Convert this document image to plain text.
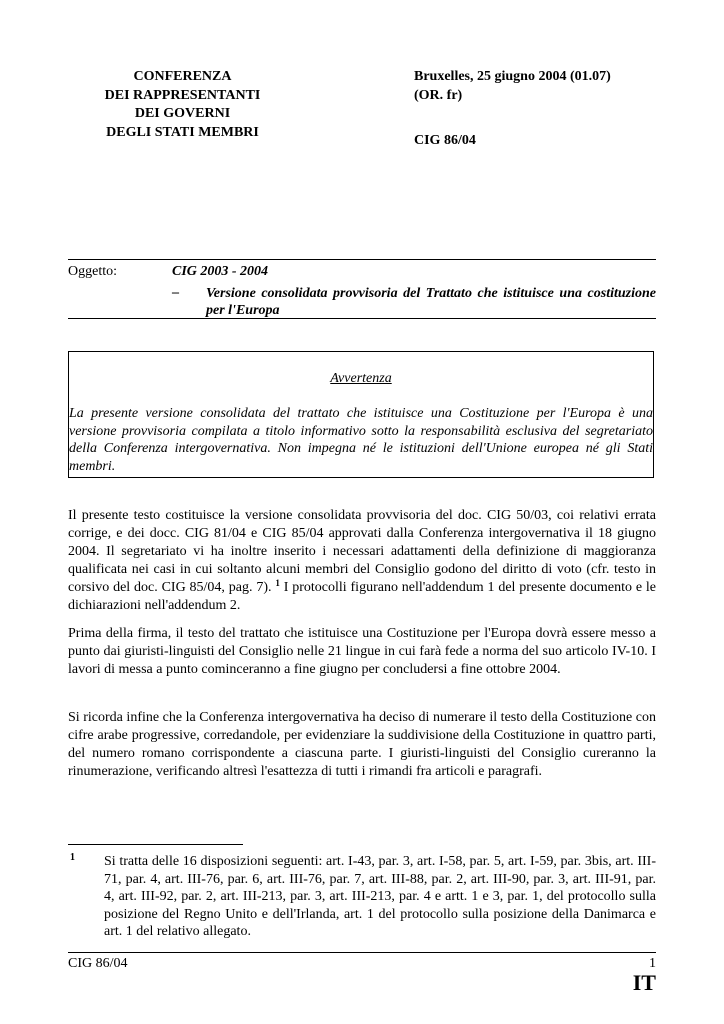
CONFERENZA
DEI RAPPRESENTANTI
DEI GOVERNI
DEGLI STATI MEMBRI
Bruxelles, 25 giugno 2004 (01.07)
(OR. fr)
CIG 86/04
Oggetto:	CIG 2003 - 2004
– Versione consolidata provvisoria del Trattato che istituisce una costituzione per l'Europa
Avvertenza
La presente versione consolidata del trattato che istituisce una Costituzione per l'Europa è una versione provvisoria compilata a titolo informativo sotto la responsabilità esclusiva del segretariato della Conferenza intergovernativa. Non impegna né le istituzioni dell'Unione europea né gli Stati membri.

Il presente testo costituisce la versione consolidata provvisoria del doc. CIG 50/03, coi relativi errata corrige, e dei docc. CIG 81/04 e CIG 85/04 approvati dalla Conferenza intergovernativa il 18 giugno 2004. Il segretariato vi ha inoltre inserito i necessari adattamenti della definizione di maggioranza qualificata nei casi in cui soltanto alcuni membri del Consiglio godono del diritto di voto (cfr. testo in corsivo del doc. CIG 85/04, pag. 7). $^1$ I protocolli figurano nell'addendum 1 del presente documento e le dichiarazioni nell'addendum 2.

Prima della firma, il testo del trattato che istituisce una Costituzione per l'Europa dovrà essere messo a punto dai giuristi-linguisti del Consiglio nelle 21 lingue in cui farà fede a norma del suo articolo IV-10. I lavori di messa a punto cominceranno a fine giugno per concludersi a fine ottobre 2004.

Si ricorda infine che la Conferenza intergovernativa ha deciso di numerare il testo della Costituzione con cifre arabe progressive, corredandole, per evidenziare la suddivisione della Costituzione in quattro parti, del numero romano corrispondente a ciascuna parte. I giuristi-linguisti del Consiglio cureranno la rinumerazione, verificando altresì l'esattezza di tutti i rimandi fra articoli e paragrafi.

1 Si tratta delle 16 disposizioni seguenti: art. I-43, par. 3, art. I-58, par. 5, art. I-59, par. 3bis, art. III-71, par. 4, art. III-76, par. 6, art. III-76, par. 7, art. III-88, par. 2, art. III-90, par. 3, art. III-91, par. 4, art. III-92, par. 2, art. III-213, par. 3, art. III-213, par. 4 e artt. 1 e 3, par. 1, del protocollo sulla posizione del Regno Unito e dell'Irlanda, art. 1 del protocollo sulla posizione della Danimarca e art. 1 del relativo allegato.
CIG 86/04	1
IT
